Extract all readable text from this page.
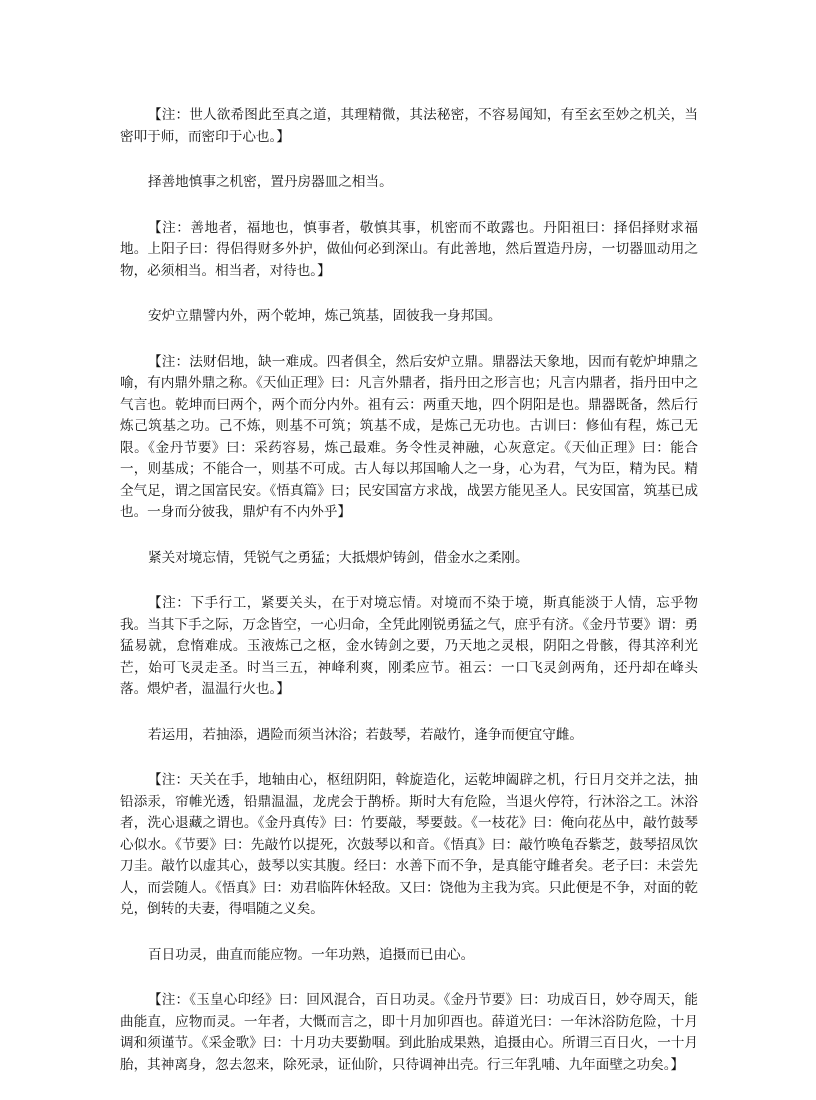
【注：世人欲希图此至真之道，其理精微，其法秘密，不容易闻知，有至玄至妙之机关，当密叩于师，而密印于心也。】

择善地慎事之机密，置丹房器皿之相当。

【注：善地者，福地也，慎事者，敬慎其事，机密而不敢露也。丹阳祖曰：择侣择财求福地。上阳子曰：得侣得财多外护，做仙何必到深山。有此善地，然后置造丹房，一切器皿动用之物，必须相当。相当者，对待也。】

安炉立鼎譬内外，两个乾坤，炼己筑基，固彼我一身邦国。

【注：法财侣地，缺一难成。四者俱全，然后安炉立鼎。鼎器法天象地，因而有乾炉坤鼎之喻，有内鼎外鼎之称。《天仙正理》曰：凡言外鼎者，指丹田之形言也；凡言内鼎者，指丹田中之气言也。乾坤而曰两个，两个而分内外。祖有云：两重天地，四个阴阳是也。鼎器既备，然后行炼己筑基之功。己不炼，则基不可筑；筑基不成，是炼己无功也。古训曰：修仙有程，炼己无限。《金丹节要》曰：采药容易，炼己最难。务令性灵神融，心灰意定。《天仙正理》曰：能合一，则基成；不能合一，则基不可成。古人每以邦国喻人之一身，心为君，气为臣，精为民。精全气足，谓之国富民安。《悟真篇》曰；民安国富方求战，战罢方能见圣人。民安国富，筑基已成也。一身而分彼我，鼎炉有不内外乎】

紧关对境忘情，凭锐气之勇猛；大抵煨炉铸剑，借金水之柔刚。

【注：下手行工，紧要关头，在于对境忘情。对境而不染于境，斯真能淡于人情，忘乎物我。当其下手之际，万念皆空，一心归命，全凭此刚锐勇猛之气，庶乎有济。《金丹节要》谓：勇猛易就，怠惰难成。玉液炼己之枢，金水铸剑之要，乃天地之灵根，阴阳之骨骸，得其淬利光芒，始可飞灵走圣。时当三五，神峰利爽，刚柔应节。祖云：一口飞灵剑两角，还丹却在峰头落。煨炉者，温温行火也。】

若运用，若抽添，遇险而须当沐浴；若鼓琴，若敲竹，逢争而便宜守雌。

【注：天关在手，地轴由心，枢纽阴阳，斡旋造化，运乾坤阖辟之机，行日月交并之法，抽铅添汞，帘帷光透，铅鼎温温，龙虎会于鹊桥。斯时大有危险，当退火停符，行沐浴之工。沐浴者，洗心退藏之谓也。《金丹真传》曰：竹要敲，琴要鼓。《一枝花》曰：俺向花丛中，敲竹鼓琴心似水。《节要》曰：先敲竹以提死，次鼓琴以和音。《悟真》曰：敲竹唤龟吞紫芝，鼓琴招凤饮刀圭。敲竹以虚其心，鼓琴以实其腹。经曰：水善下而不争，是真能守雌者矣。老子曰：未尝先人，而尝随人。《悟真》曰：劝君临阵休轻敌。又曰：饶他为主我为宾。只此便是不争，对面的乾兑，倒转的夫妻，得唱随之义矣。

百日功灵，曲直而能应物。一年功熟，追摄而已由心。

【注：《玉皇心印经》曰：回风混合，百日功灵。《金丹节要》曰：功成百日，妙夺周天，能曲能直，应物而灵。一年者，大慨而言之，即十月加卯酉也。薛道光曰：一年沐浴防危险，十月调和须谨节。《采金歌》曰：十月功夫要勤啯。到此胎成果熟，追摄由心。所谓三百日火，一十月胎，其神离身，忽去忽来，除死录，证仙阶，只待调神出壳。行三年乳哺、九年面壁之功矣。】
